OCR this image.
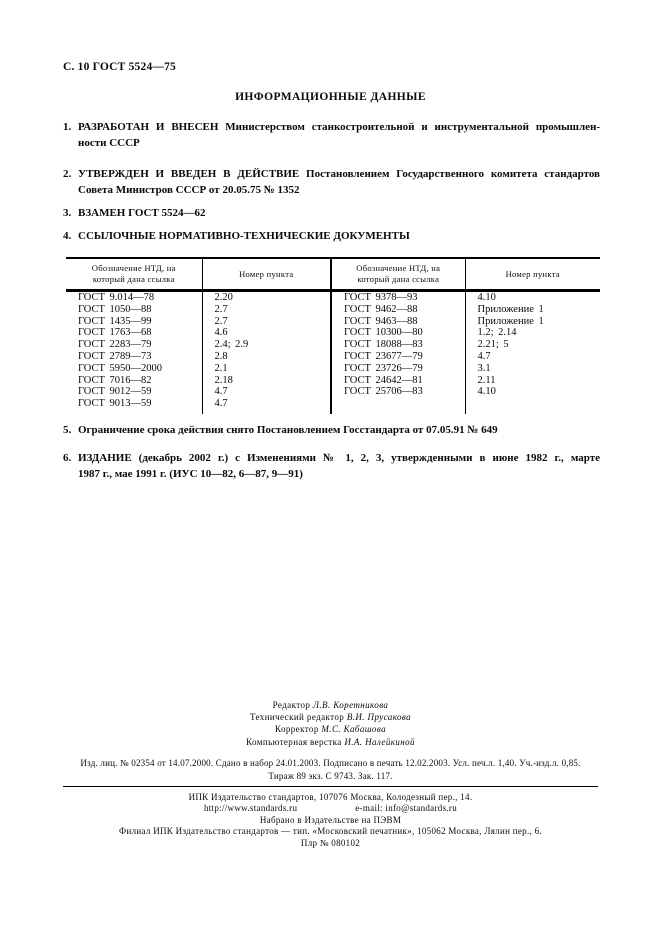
С. 10 ГОСТ 5524—75
ИНФОРМАЦИОННЫЕ ДАННЫЕ
1. РАЗРАБОТАН И ВНЕСЕН Министерством станкостроительной и инструментальной промышлен-
ности СССР
2. УТВЕРЖДЕН И ВВЕДЕН В ДЕЙСТВИЕ Постановлением Государственного комитета стандартов
Совета Министров СССР от 20.05.75 № 1352
3. ВЗАМЕН ГОСТ 5524—62
4. ССЫЛОЧНЫЕ НОРМАТИВНО-ТЕХНИЧЕСКИЕ ДОКУМЕНТЫ
Обозначение НТД, на который дана ссылка	Номер пункта	Обозначение НТД, на который дана ссылка	Номер пункта
ГОСТ 9.014—78	2.20	ГОСТ 9378—93	4.10
ГОСТ 1050—88	2.7	ГОСТ 9462—88	Приложение 1
ГОСТ 1435—99	2.7	ГОСТ 9463—88	Приложение 1
ГОСТ 1763—68	4.6	ГОСТ 10300—80	1.2; 2.14
ГОСТ 2283—79	2.4; 2.9	ГОСТ 18088—83	2.21; 5
ГОСТ 2789—73	2.8	ГОСТ 23677—79	4.7
ГОСТ 5950—2000	2.1	ГОСТ 23726—79	3.1
ГОСТ 7016—82	2.18	ГОСТ 24642—81	2.11
ГОСТ 9012—59	4.7	ГОСТ 25706—83	4.10
ГОСТ 9013—59	4.7		
5. Ограничение срока действия снято Постановлением Госстандарта от 07.05.91 № 649
6. ИЗДАНИЕ (декабрь 2002 г.) с Изменениями № 1, 2, 3, утвержденными в июне 1982 г., марте
1987 г., мае 1991 г. (ИУС 10—82, 6—87, 9—91)
Редактор Л.В. Коретникова
Технический редактор В.И. Прусакова
Корректор М.С. Кабашова
Компьютерная верстка И.А. Налейкиной
Изд. лиц. № 02354 от 14.07.2000. Сдано в набор 24.01.2003. Подписано в печать 12.02.2003. Усл. печ.л. 1,40. Уч.-изд.л. 0,85.
Тираж 89 экз. С 9743. Зак. 117.
ИПК Издательство стандартов, 107076 Москва, Колодезный пер., 14.
http://www.standards.ru	e-mail: info@standards.ru
Набрано в Издательстве на ПЭВМ
Филиал ИПК Издательство стандартов — тип. «Московский печатник», 105062 Москва, Лялин пер., 6.
Плр № 080102
